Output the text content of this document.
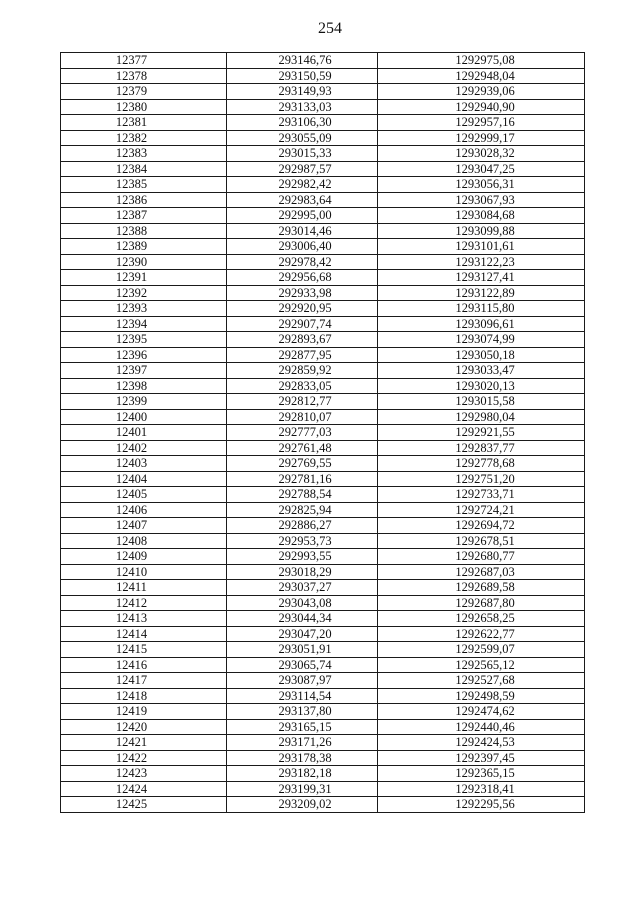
254
12377	293146,76	1292975,08
12378	293150,59	1292948,04
12379	293149,93	1292939,06
12380	293133,03	1292940,90
12381	293106,30	1292957,16
12382	293055,09	1292999,17
12383	293015,33	1293028,32
12384	292987,57	1293047,25
12385	292982,42	1293056,31
12386	292983,64	1293067,93
12387	292995,00	1293084,68
12388	293014,46	1293099,88
12389	293006,40	1293101,61
12390	292978,42	1293122,23
12391	292956,68	1293127,41
12392	292933,98	1293122,89
12393	292920,95	1293115,80
12394	292907,74	1293096,61
12395	292893,67	1293074,99
12396	292877,95	1293050,18
12397	292859,92	1293033,47
12398	292833,05	1293020,13
12399	292812,77	1293015,58
12400	292810,07	1292980,04
12401	292777,03	1292921,55
12402	292761,48	1292837,77
12403	292769,55	1292778,68
12404	292781,16	1292751,20
12405	292788,54	1292733,71
12406	292825,94	1292724,21
12407	292886,27	1292694,72
12408	292953,73	1292678,51
12409	292993,55	1292680,77
12410	293018,29	1292687,03
12411	293037,27	1292689,58
12412	293043,08	1292687,80
12413	293044,34	1292658,25
12414	293047,20	1292622,77
12415	293051,91	1292599,07
12416	293065,74	1292565,12
12417	293087,97	1292527,68
12418	293114,54	1292498,59
12419	293137,80	1292474,62
12420	293165,15	1292440,46
12421	293171,26	1292424,53
12422	293178,38	1292397,45
12423	293182,18	1292365,15
12424	293199,31	1292318,41
12425	293209,02	1292295,56
